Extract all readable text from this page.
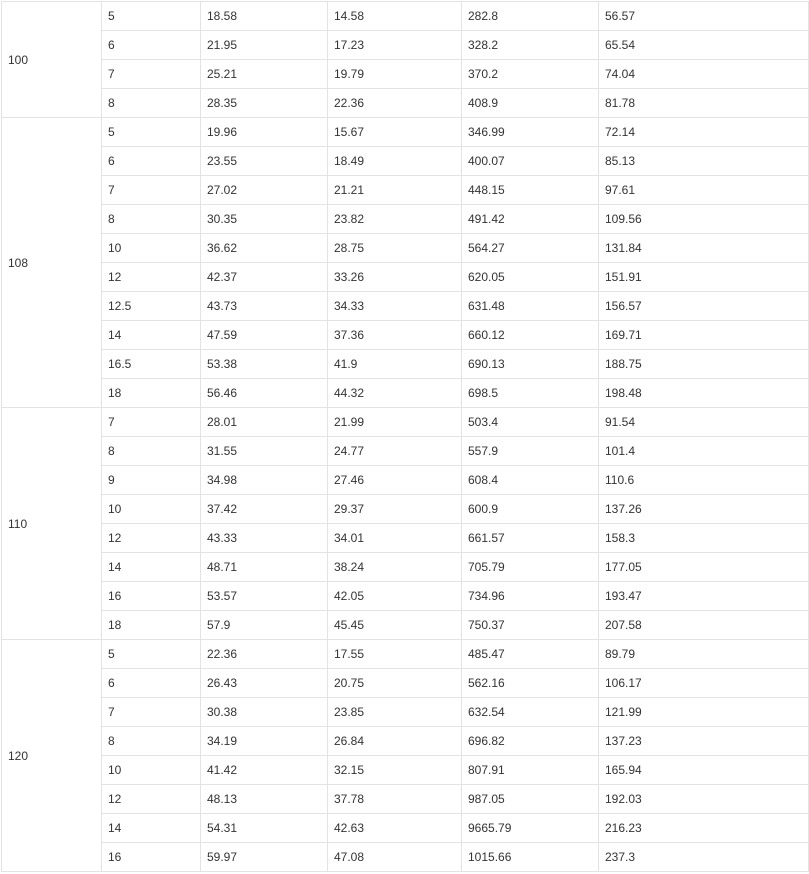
100	5	18.58	14.58	282.8	56.57	
	6	21.95	17.23	328.2	65.54	
	7	25.21	19.79	370.2	74.04	
	8	28.35	22.36	408.9	81.78	
108	5	19.96	15.67	346.99	72.14	
	6	23.55	18.49	400.07	85.13	
	7	27.02	21.21	448.15	97.61	
	8	30.35	23.82	491.42	109.56	
	10	36.62	28.75	564.27	131.84	
	12	42.37	33.26	620.05	151.91	
	12.5	43.73	34.33	631.48	156.57	
	14	47.59	37.36	660.12	169.71	
	16.5	53.38	41.9	690.13	188.75	
	18	56.46	44.32	698.5	198.48	
110	7	28.01	21.99	503.4	91.54	
	8	31.55	24.77	557.9	101.4	
	9	34.98	27.46	608.4	110.6	
	10	37.42	29.37	600.9	137.26	
	12	43.33	34.01	661.57	158.3	
	14	48.71	38.24	705.79	177.05	
	16	53.57	42.05	734.96	193.47	
	18	57.9	45.45	750.37	207.58	
120	5	22.36	17.55	485.47	89.79	
	6	26.43	20.75	562.16	106.17	
	7	30.38	23.85	632.54	121.99	
	8	34.19	26.84	696.82	137.23	
	10	41.42	32.15	807.91	165.94	
	12	48.13	37.78	987.05	192.03	
	14	54.31	42.63	9665.79	216.23	
	16	59.97	47.08	1015.66	237.3	
